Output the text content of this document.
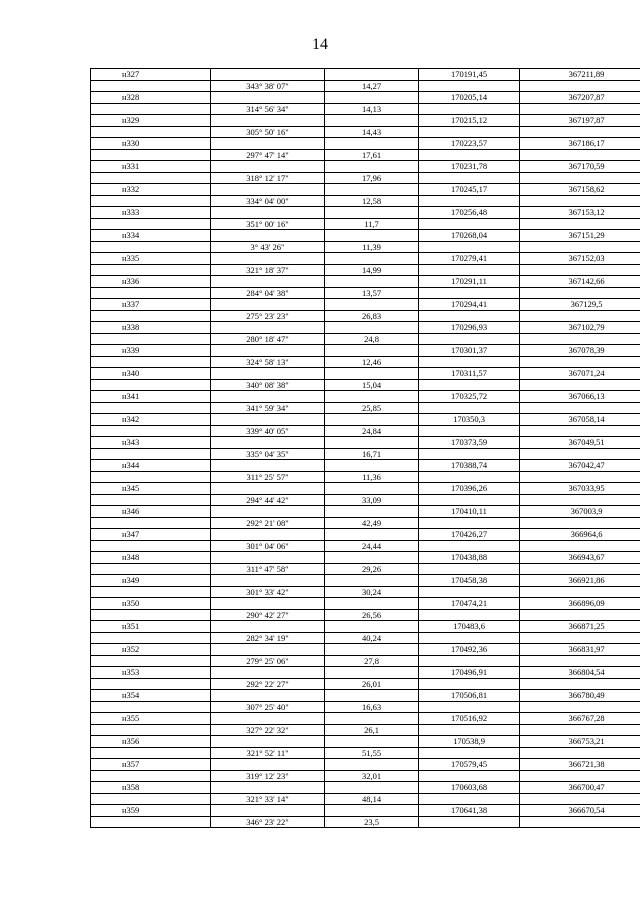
14
н327			170191,45	367211,89
	343° 38' 07"	14,27		
н328			170205,14	367207,87
	314° 56' 34"	14,13		
н329			170215,12	367197,87
	305° 50' 16"	14,43		
н330			170223,57	367186,17
	297° 47' 14"	17,61		
н331			170231,78	367170,59
	318° 12' 17"	17,96		
н332			170245,17	367158,62
	334° 04' 00"	12,58		
н333			170256,48	367153,12
	351° 00' 16"	11,7		
н334			170268,04	367151,29
	3° 43' 26"	11,39		
н335			170279,41	367152,03
	321° 18' 37"	14,99		
н336			170291,11	367142,66
	284° 04' 38"	13,57		
н337			170294,41	367129,5
	275° 23' 23"	26,83		
н338			170296,93	367102,79
	280° 18' 47"	24,8		
н339			170301,37	367078,39
	324° 58' 13"	12,46		
н340			170311,57	367071,24
	340° 08' 38"	15,04		
н341			170325,72	367066,13
	341° 59' 34"	25,85		
н342			170350,3	367058,14
	339° 40' 05"	24,84		
н343			170373,59	367049,51
	335° 04' 35"	16,71		
н344			170388,74	367042,47
	311° 25' 57"	11,36		
н345			170396,26	367033,95
	294° 44' 42"	33,09		
н346			170410,11	367003,9
	292° 21' 08"	42,49		
н347			170426,27	366964,6
	301° 04' 06"	24,44		
н348			170438,88	366943,67
	311° 47' 58"	29,26		
н349			170458,38	366921,86
	301° 33' 42"	30,24		
н350			170474,21	366896,09
	290° 42' 27"	26,56		
н351			170483,6	366871,25
	282° 34' 19"	40,24		
н352			170492,36	366831,97
	279° 25' 06"	27,8		
н353			170496,91	366804,54
	292° 22' 27"	26,01		
н354			170506,81	366780,49
	307° 25' 40"	16,63		
н355			170516,92	366767,28
	327° 22' 32"	26,1		
н356			170538,9	366753,21
	321° 52' 11"	51,55		
н357			170579,45	366721,38
	319° 12' 23"	32,01		
н358			170603,68	366700,47
	321° 33' 14"	48,14		
н359			170641,38	366670,54
	346° 23' 22"	23,5		
